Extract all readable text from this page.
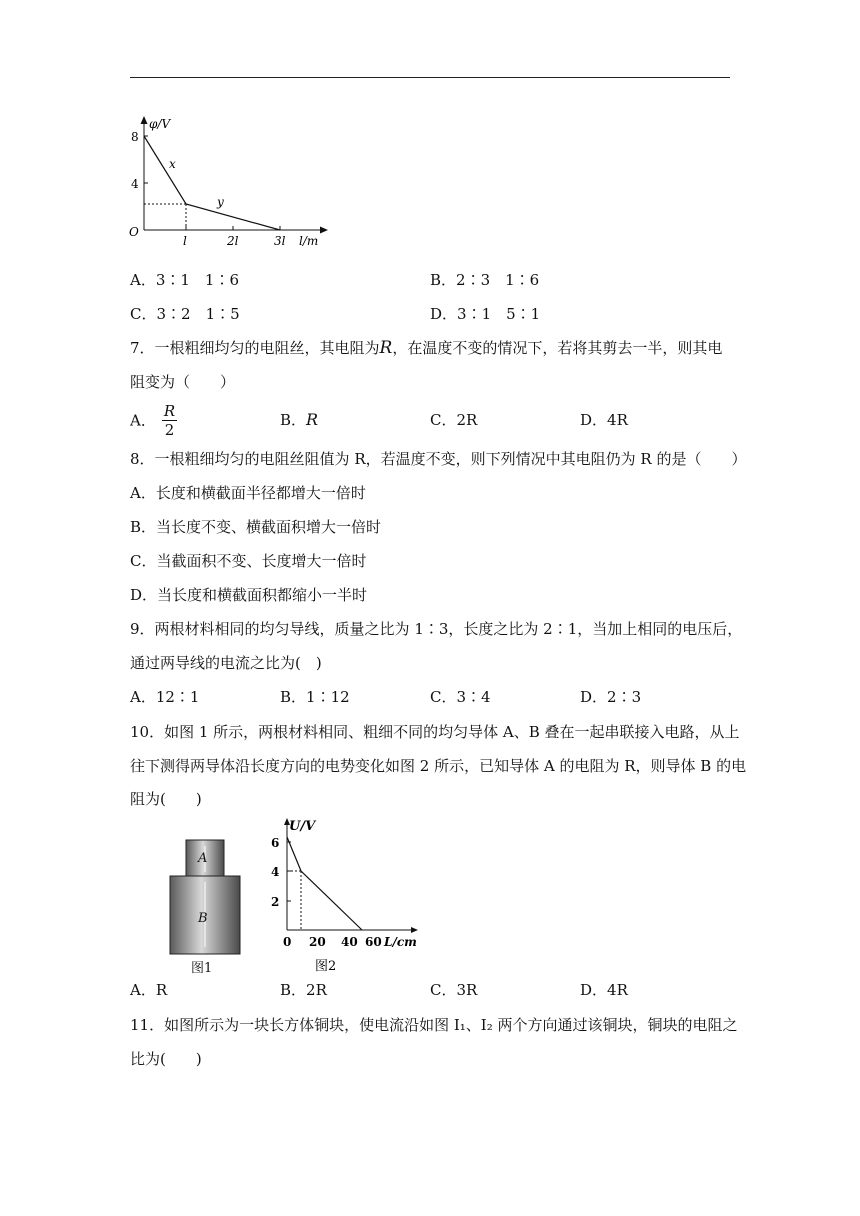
φ/V
8
4
O
l	2l	3l l/m
x
y
A．3∶1　1∶6	B．2∶3　1∶6
C．3∶2　1∶5	D．3∶1　5∶1
7．一根粗细均匀的电阻丝，其电阻为R，在温度不变的情况下，若将其剪去一半，则其电
阻变为（　　）
A． $\frac{R}{2}$	B．R	C．2R	D．4R
8．一根粗细均匀的电阻丝阻值为 R，若温度不变，则下列情况中其电阻仍为 R 的是（　　）
A．长度和横截面半径都增大一倍时
B．当长度不变、横截面积增大一倍时
C．当截面积不变、长度增大一倍时
D．当长度和横截面积都缩小一半时
9．两根材料相同的均匀导线，质量之比为 1∶3，长度之比为 2∶1，当加上相同的电压后，
通过两导线的电流之比为(　)
A．12∶1	B．1∶12	C．3∶4	D．2∶3
10．如图 1 所示，两根材料相同、粗细不同的均匀导体 A、B 叠在一起串联接入电路，从上
往下测得两导体沿长度方向的电势变化如图 2 所示，已知导体 A 的电阻为 R，则导体 B 的电
阻为(　　)
A
B
图1
U/V
6
4
2
0 20 40 60 L/cm
图2
A．R	B．2R	C．3R	D．4R
11．如图所示为一块长方体铜块，使电流沿如图 I₁、I₂ 两个方向通过该铜块，铜块的电阻之
比为(　　)
